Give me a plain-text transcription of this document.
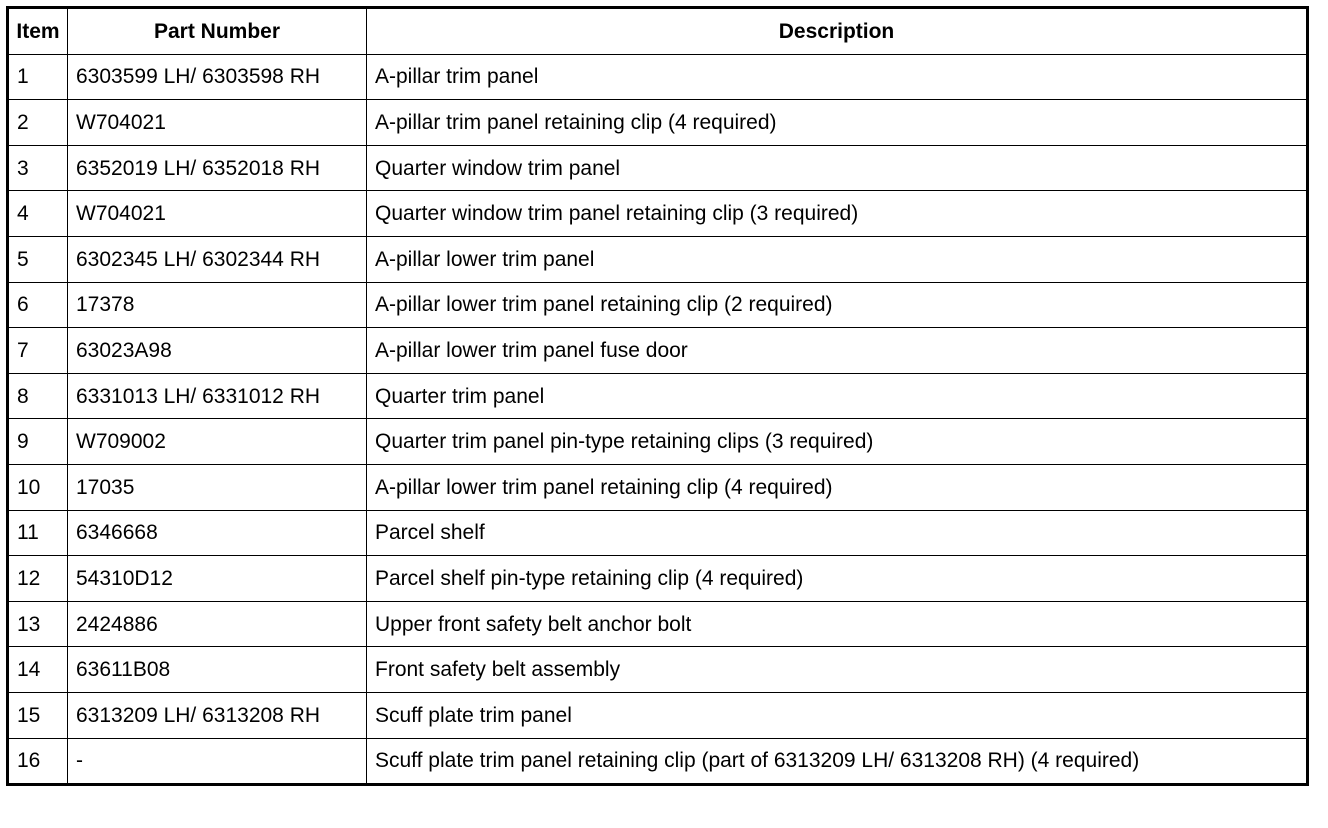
Item	Part Number	Description
1	6303599 LH/ 6303598 RH	A-pillar trim panel
2	W704021	A-pillar trim panel retaining clip (4 required)
3	6352019 LH/ 6352018 RH	Quarter window trim panel
4	W704021	Quarter window trim panel retaining clip (3 required)
5	6302345 LH/ 6302344 RH	A-pillar lower trim panel
6	17378	A-pillar lower trim panel retaining clip (2 required)
7	63023A98	A-pillar lower trim panel fuse door
8	6331013 LH/ 6331012 RH	Quarter trim panel
9	W709002	Quarter trim panel pin-type retaining clips (3 required)
10	17035	A-pillar lower trim panel retaining clip (4 required)
11	6346668	Parcel shelf
12	54310D12	Parcel shelf pin-type retaining clip (4 required)
13	2424886	Upper front safety belt anchor bolt
14	63611B08	Front safety belt assembly
15	6313209 LH/ 6313208 RH	Scuff plate trim panel
16	-	Scuff plate trim panel retaining clip (part of 6313209 LH/ 6313208 RH) (4 required)
